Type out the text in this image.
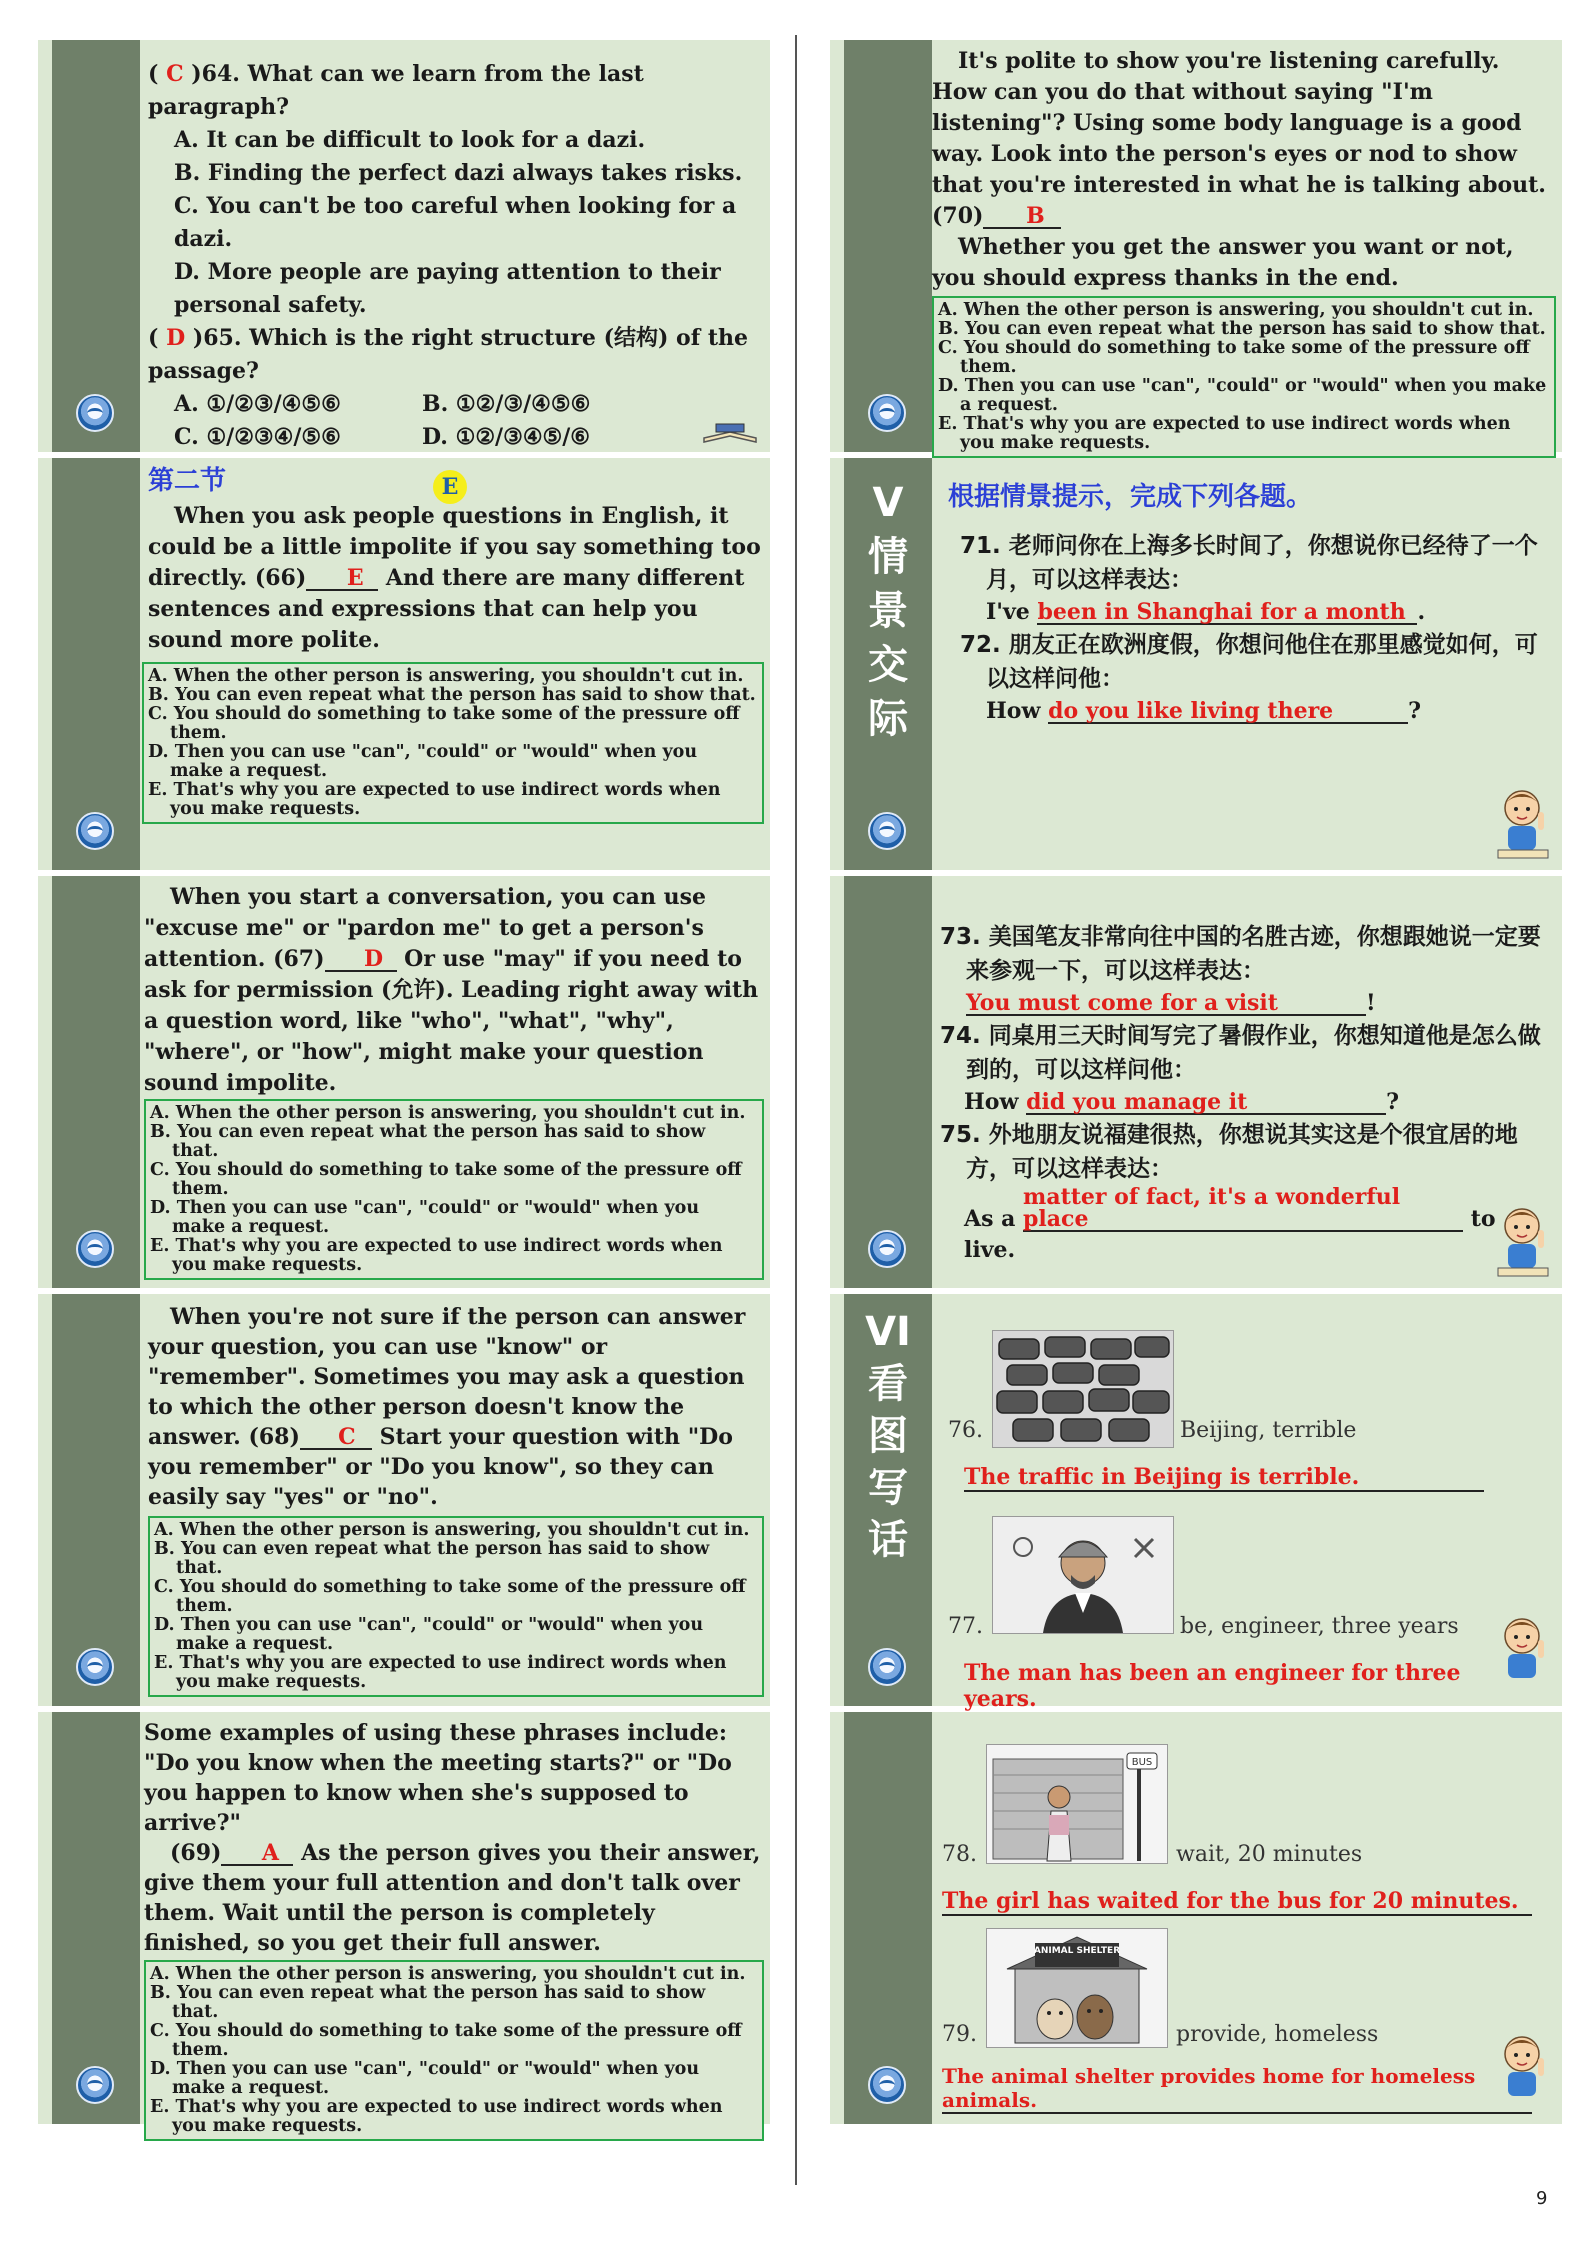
( C )64. What can we learn from the last paragraph?

A. It can be difficult to look for a dazi.

B. Finding the perfect dazi always takes risks.

C. You can't be too careful when looking for a dazi.

D. More people are paying attention to their personal safety.

( D )65. Which is the right structure (结构) of the passage?

A. ①/②③/④⑤⑥	B. ①②/③/④⑤⑥

C. ①/②③④/⑤⑥	D. ①②/③④⑤/⑥

E

第二节

When you ask people questions in English, it could be a little impolite if you say something too directly. (66) E And there are many different sentences and expressions that can help you sound more polite.

A. When the other person is answering, you shouldn't cut in.
B. You can even repeat what the person has said to show that.
C. You should do something to take some of the pressure off them.
D. Then you can use "can", "could" or "would" when you make a request.
E. That's why you are expected to use indirect words when you make requests.

When you start a conversation, you can use "excuse me" or "pardon me" to get a person's attention. (67) D Or use "may" if you need to ask for permission (允许). Leading right away with a question word, like "who", "what", "why", "where", or "how", might make your question sound impolite.

A. When the other person is answering, you shouldn't cut in.
B. You can even repeat what the person has said to show that.
C. You should do something to take some of the pressure off them.
D. Then you can use "can", "could" or "would" when you make a request.
E. That's why you are expected to use indirect words when you make requests.

When you're not sure if the person can answer your question, you can use "know" or "remember". Sometimes you may ask a question to which the other person doesn't know the answer. (68) C Start your question with "Do you remember" or "Do you know", so they can easily say "yes" or "no".

A. When the other person is answering, you shouldn't cut in.
B. You can even repeat what the person has said to show that.
C. You should do something to take some of the pressure off them.
D. Then you can use "can", "could" or "would" when you make a request.
E. That's why you are expected to use indirect words when you make requests.

Some examples of using these phrases include: "Do you know when the meeting starts?" or "Do you happen to know when she's supposed to arrive?"

(69) A As the person gives you their answer, give them your full attention and don't talk over them. Wait until the person is completely finished, so you get their full answer.

A. When the other person is answering, you shouldn't cut in.
B. You can even repeat what the person has said to show that.
C. You should do something to take some of the pressure off them.
D. Then you can use "can", "could" or "would" when you make a request.
E. That's why you are expected to use indirect words when you make requests.

It's polite to show you're listening carefully. How can you do that without saying "I'm listening"? Using some body language is a good way. Look into the person's eyes or nod to show that you're interested in what he is talking about. (70) B

Whether you get the answer you want or not, you should express thanks in the end.

A. When the other person is answering, you shouldn't cut in.
B. You can even repeat what the person has said to show that.
C. You should do something to take some of the pressure off them.
D. Then you can use "can", "could" or "would" when you make a request.
E. That's why you are expected to use indirect words when you make requests.
V情景交际

根据情景提示，完成下列各题。

71. 老师问你在上海多长时间了，你想说你已经待了一个月，可以这样表达：

I've been in Shanghai for a month .

72. 朋友正在欧洲度假，你想问他住在那里感觉如何，可以这样问他：

How do you like living there	?

73. 美国笔友非常向往中国的名胜古迹，你想跟她说一定要来参观一下，可以这样表达：

You must come for a visit	!

74. 同桌用三天时间写完了暑假作业，你想知道他是怎么做到的，可以这样问他：

How did you manage it	?

75. 外地朋友说福建很热，你想说其实这是个很宜居的地方，可以这样表达：

As a matter of fact, it's a wonderful place	to

live.

VI看图写话
76.	Beijing, terrible
The traffic in Beijing is terrible.
77.	be, engineer, three years
The man has been an engineer for three years.
BUS
78.	wait, 20 minutes
The girl has waited for the bus for 20 minutes.
ANIMAL SHELTER
79.	provide, homeless
The animal shelter provides home for homeless animals.
9
